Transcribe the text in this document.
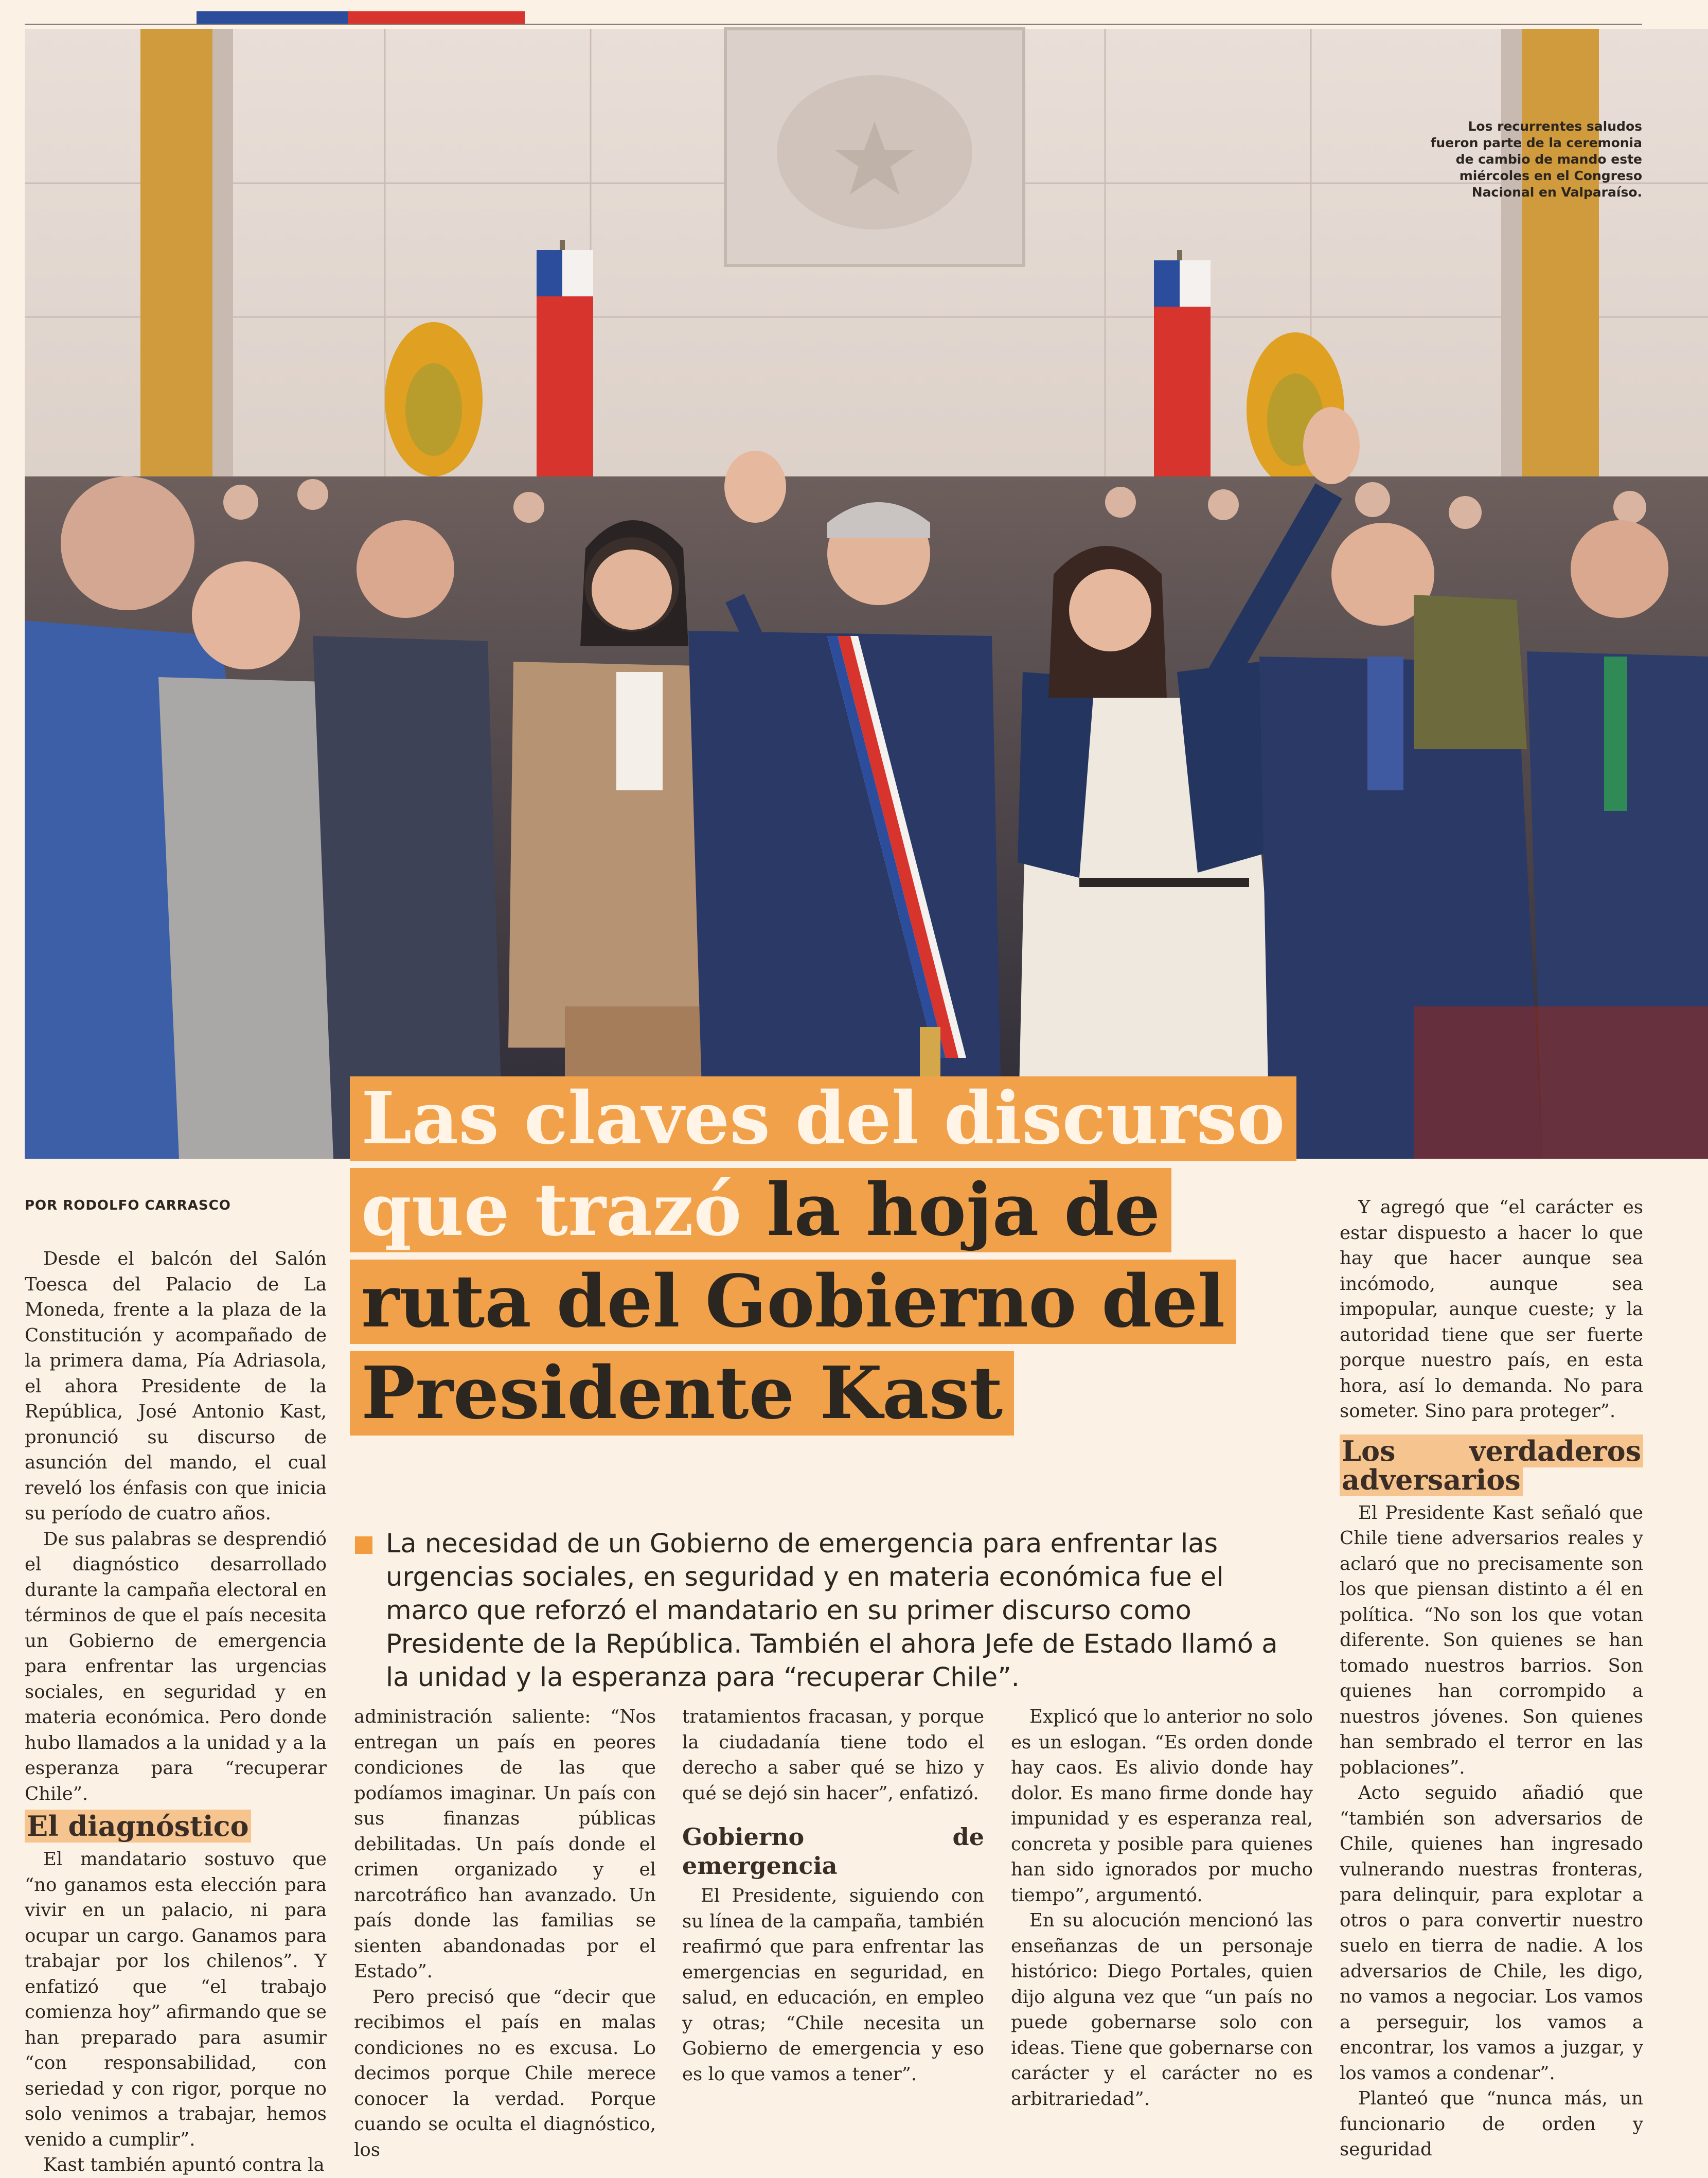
Los recurrentes saludos fueron parte de la ceremonia de cambio de mando este miércoles en el Congreso Nacional en Valparaíso.
Las claves del discurso que trazó la hoja de ruta del Gobierno del Presidente Kast
POR RODOLFO CARRASCO

Desde el balcón del Salón Toesca del Palacio de La Moneda, frente a la plaza de la Constitución y acompañado de la primera dama, Pía Adriasola, el ahora Presidente de la República, José Antonio Kast, pronunció su discurso de asunción del mando, el cual reveló los énfasis con que inicia su período de cuatro años.

De sus palabras se desprendió el diagnóstico desarrollado durante la campaña electoral en términos de que el país necesita un Gobierno de emergencia para enfrentar las urgencias sociales, en seguridad y en materia económica. Pero donde hubo llamados a la unidad y a la esperanza para “recuperar Chile”.

El diagnóstico

El mandatario sostuvo que “no ganamos esta elección para vivir en un palacio, ni para ocupar un cargo. Ganamos para trabajar por los chilenos”. Y enfatizó que “el trabajo comienza hoy” afirmando que se han preparado para asumir “con responsabilidad, con seriedad y con rigor, porque no solo venimos a trabajar, hemos venido a cumplir”.

Kast también apuntó contra la

La necesidad de un Gobierno de emergencia para enfrentar las urgencias sociales, en seguridad y en materia económica fue el marco que reforzó el mandatario en su primer discurso como Presidente de la República. También el ahora Jefe de Estado llamó a la unidad y la esperanza para “recuperar Chile”.

administración saliente: “Nos entregan un país en peores condiciones de las que podíamos imaginar. Un país con sus finanzas públicas debilitadas. Un país donde el crimen organizado y el narcotráfico han avanzado. Un país donde las familias se sienten abandonadas por el Estado”.

Pero precisó que “decir que recibimos el país en malas condiciones no es excusa. Lo decimos porque Chile merece conocer la verdad. Porque cuando se oculta el diagnóstico, los

tratamientos fracasan, y porque la ciudadanía tiene todo el derecho a saber qué se hizo y qué se dejó sin hacer”, enfatizó.

Gobierno de emergencia

El Presidente, siguiendo con su línea de la campaña, también reafirmó que para enfrentar las emergencias en seguridad, en salud, en educación, en empleo y otras; “Chile necesita un Gobierno de emergencia y eso es lo que vamos a tener”.

Explicó que lo anterior no solo es un eslogan. “Es orden donde hay caos. Es alivio donde hay dolor. Es mano firme donde hay impunidad y es esperanza real, concreta y posible para quienes han sido ignorados por mucho tiempo”, argumentó.

En su alocución mencionó las enseñanzas de un personaje histórico: Diego Portales, quien dijo alguna vez que “un país no puede gobernarse solo con ideas. Tiene que gobernarse con carácter y el carácter no es arbitrariedad”.

Y agregó que “el carácter es estar dispuesto a hacer lo que hay que hacer aunque sea incómodo, aunque sea impopular, aunque cueste; y la autoridad tiene que ser fuerte porque nuestro país, en esta hora, así lo demanda. No para someter. Sino para proteger”.

Los verdaderos adversarios

El Presidente Kast señaló que Chile tiene adversarios reales y aclaró que no precisamente son los que piensan distinto a él en política. “No son los que votan diferente. Son quienes se han tomado nuestros barrios. Son quienes han corrompido a nuestros jóvenes. Son quienes han sembrado el terror en las poblaciones”.

Acto seguido añadió que “también son adversarios de Chile, quienes han ingresado vulnerando nuestras fronteras, para delinquir, para explotar a otros o para convertir nuestro suelo en tierra de nadie. A los adversarios de Chile, les digo, no vamos a negociar. Los vamos a perseguir, los vamos a encontrar, los vamos a juzgar, y los vamos a condenar”.

Planteó que “nunca más, un funcionario de orden y seguridad
